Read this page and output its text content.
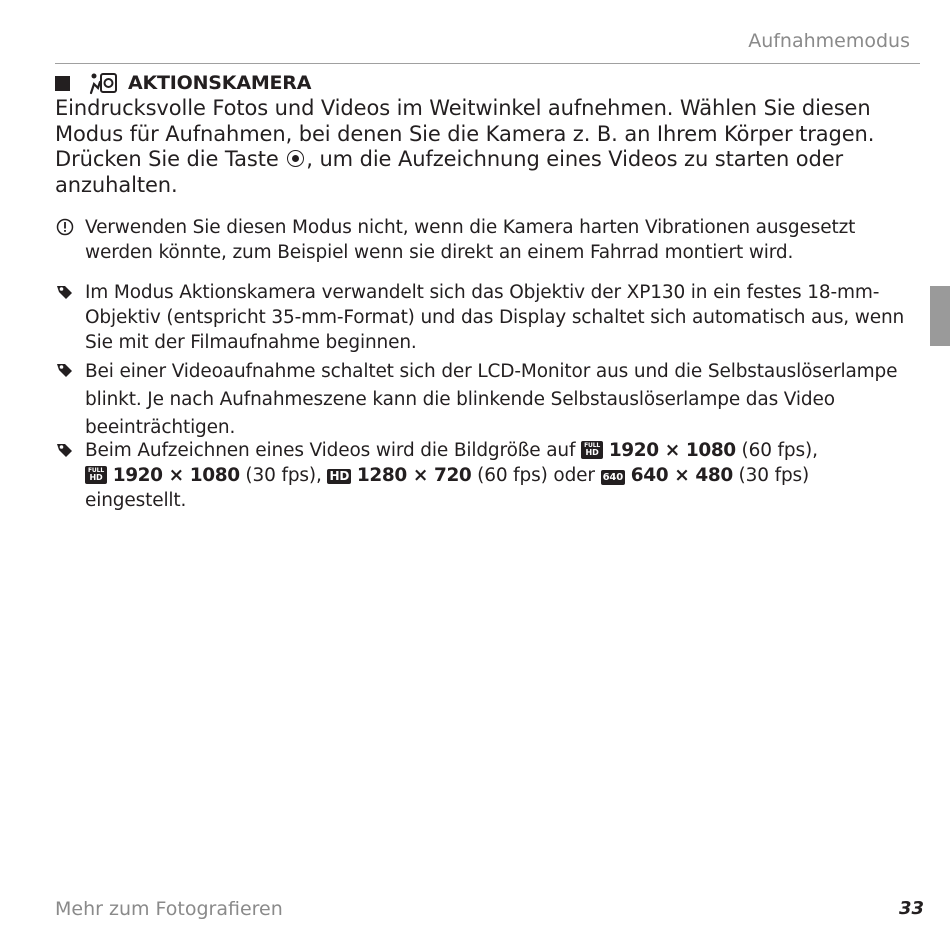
Aufnahmemodus
AKTIONSKAMERA

Eindrucksvolle Fotos und Videos im Weitwinkel aufnehmen. Wählen Sie diesen Modus für Aufnahmen, bei denen Sie die Kamera z. B. an Ihrem Körper tragen. Drücken Sie die Taste , um die Aufzeichnung eines Videos zu starten oder anzuhalten.

Verwenden Sie diesen Modus nicht, wenn die Kamera harten Vibrationen ausgesetzt werden könnte, zum Beispiel wenn sie direkt an einem Fahrrad montiert wird.
Im Modus Aktionskamera verwandelt sich das Objektiv der XP130 in ein festes 18-mm-Objektiv (entspricht 35-mm-Format) und das Display schaltet sich automatisch aus, wenn Sie mit der Filmaufnahme beginnen.
Bei einer Videoaufnahme schaltet sich der LCD-Monitor aus und die Selbstauslöserlampe blinkt. Je nach Aufnahmeszene kann die blinkende Selbstauslöserlampe das Video beeinträchtigen.
Beim Aufzeichnen eines Videos wird die Bildgröße auf FULL
HD 1920 × 1080 (60 fps),

FULL
HD 1920 × 1080 (30 fps), HD 1280 × 720 (60 fps) oder 640 640 × 480 (30 fps) eingestellt.
Mehr zum Fotografieren	33
